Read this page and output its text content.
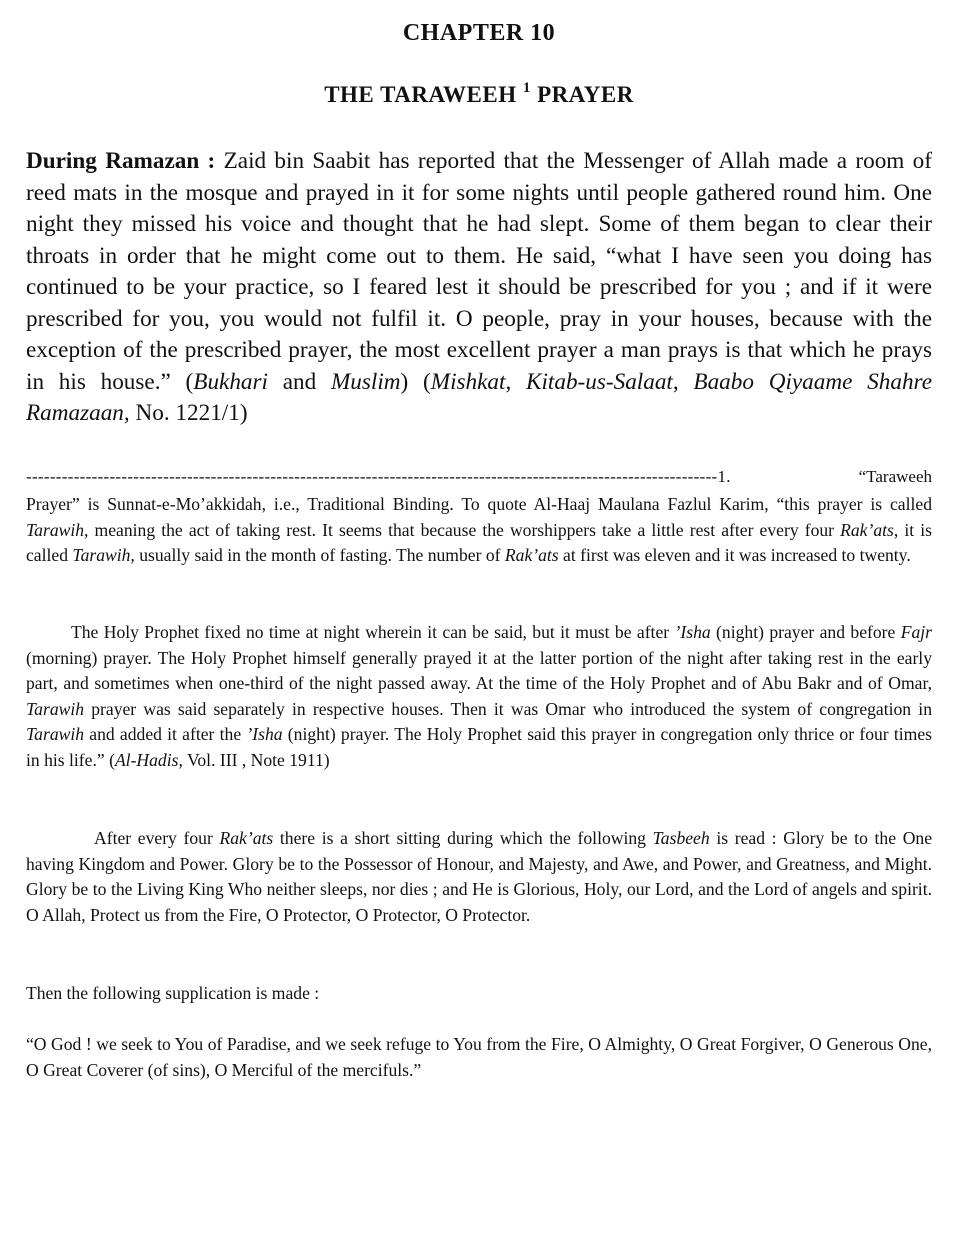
CHAPTER 10
THE TARAWEEH $^1$ PRAYER

During Ramazan : Zaid bin Saabit has reported that the Messenger of Allah made a room of reed mats in the mosque and prayed in it for some nights until people gathered round him. One night they missed his voice and thought that he had slept. Some of them began to clear their throats in order that he might come out to them. He said, “what I have seen you doing has continued to be your practice, so I feared lest it should be prescribed for you ; and if it were prescribed for you, you would not fulfil it. O people, pray in your houses, because with the exception of the prescribed prayer, the most excellent prayer a man prays is that which he prays in his house.” (Bukhari and Muslim) (Mishkat, Kitab-us-Salaat, Baabo Qiyaame Shahre Ramazaan, No. 1221/1)

--------------------------------------------------------------------------------------------------------------------1.	“Taraweeh

Prayer” is Sunnat-e-Mo’akkidah, i.e., Traditional Binding. To quote Al-Haaj Maulana Fazlul Karim, “this prayer is called Tarawih, meaning the act of taking rest. It seems that because the worshippers take a little rest after every four Rak’ats, it is called Tarawih, usually said in the month of fasting. The number of Rak’ats at first was eleven and it was increased to twenty.

The Holy Prophet fixed no time at night wherein it can be said, but it must be after ’Isha (night) prayer and before Fajr (morning) prayer. The Holy Prophet himself generally prayed it at the latter portion of the night after taking rest in the early part, and sometimes when one-third of the night passed away. At the time of the Holy Prophet and of Abu Bakr and of Omar, Tarawih prayer was said separately in respective houses. Then it was Omar who introduced the system of congregation in Tarawih and added it after the ’Isha (night) prayer. The Holy Prophet said this prayer in congregation only thrice or four times in his life.” (Al-Hadis, Vol. III , Note 1911)

After every four Rak’ats there is a short sitting during which the following Tasbeeh is read : Glory be to the One having Kingdom and Power. Glory be to the Possessor of Honour, and Majesty, and Awe, and Power, and Greatness, and Might. Glory be to the Living King Who neither sleeps, nor dies ; and He is Glorious, Holy, our Lord, and the Lord of angels and spirit. O Allah, Protect us from the Fire, O Protector, O Protector, O Protector.

Then the following supplication is made :

“O God ! we seek to You of Paradise, and we seek refuge to You from the Fire, O Almighty, O Great Forgiver, O Generous One, O Great Coverer (of sins), O Merciful of the mercifuls.”
